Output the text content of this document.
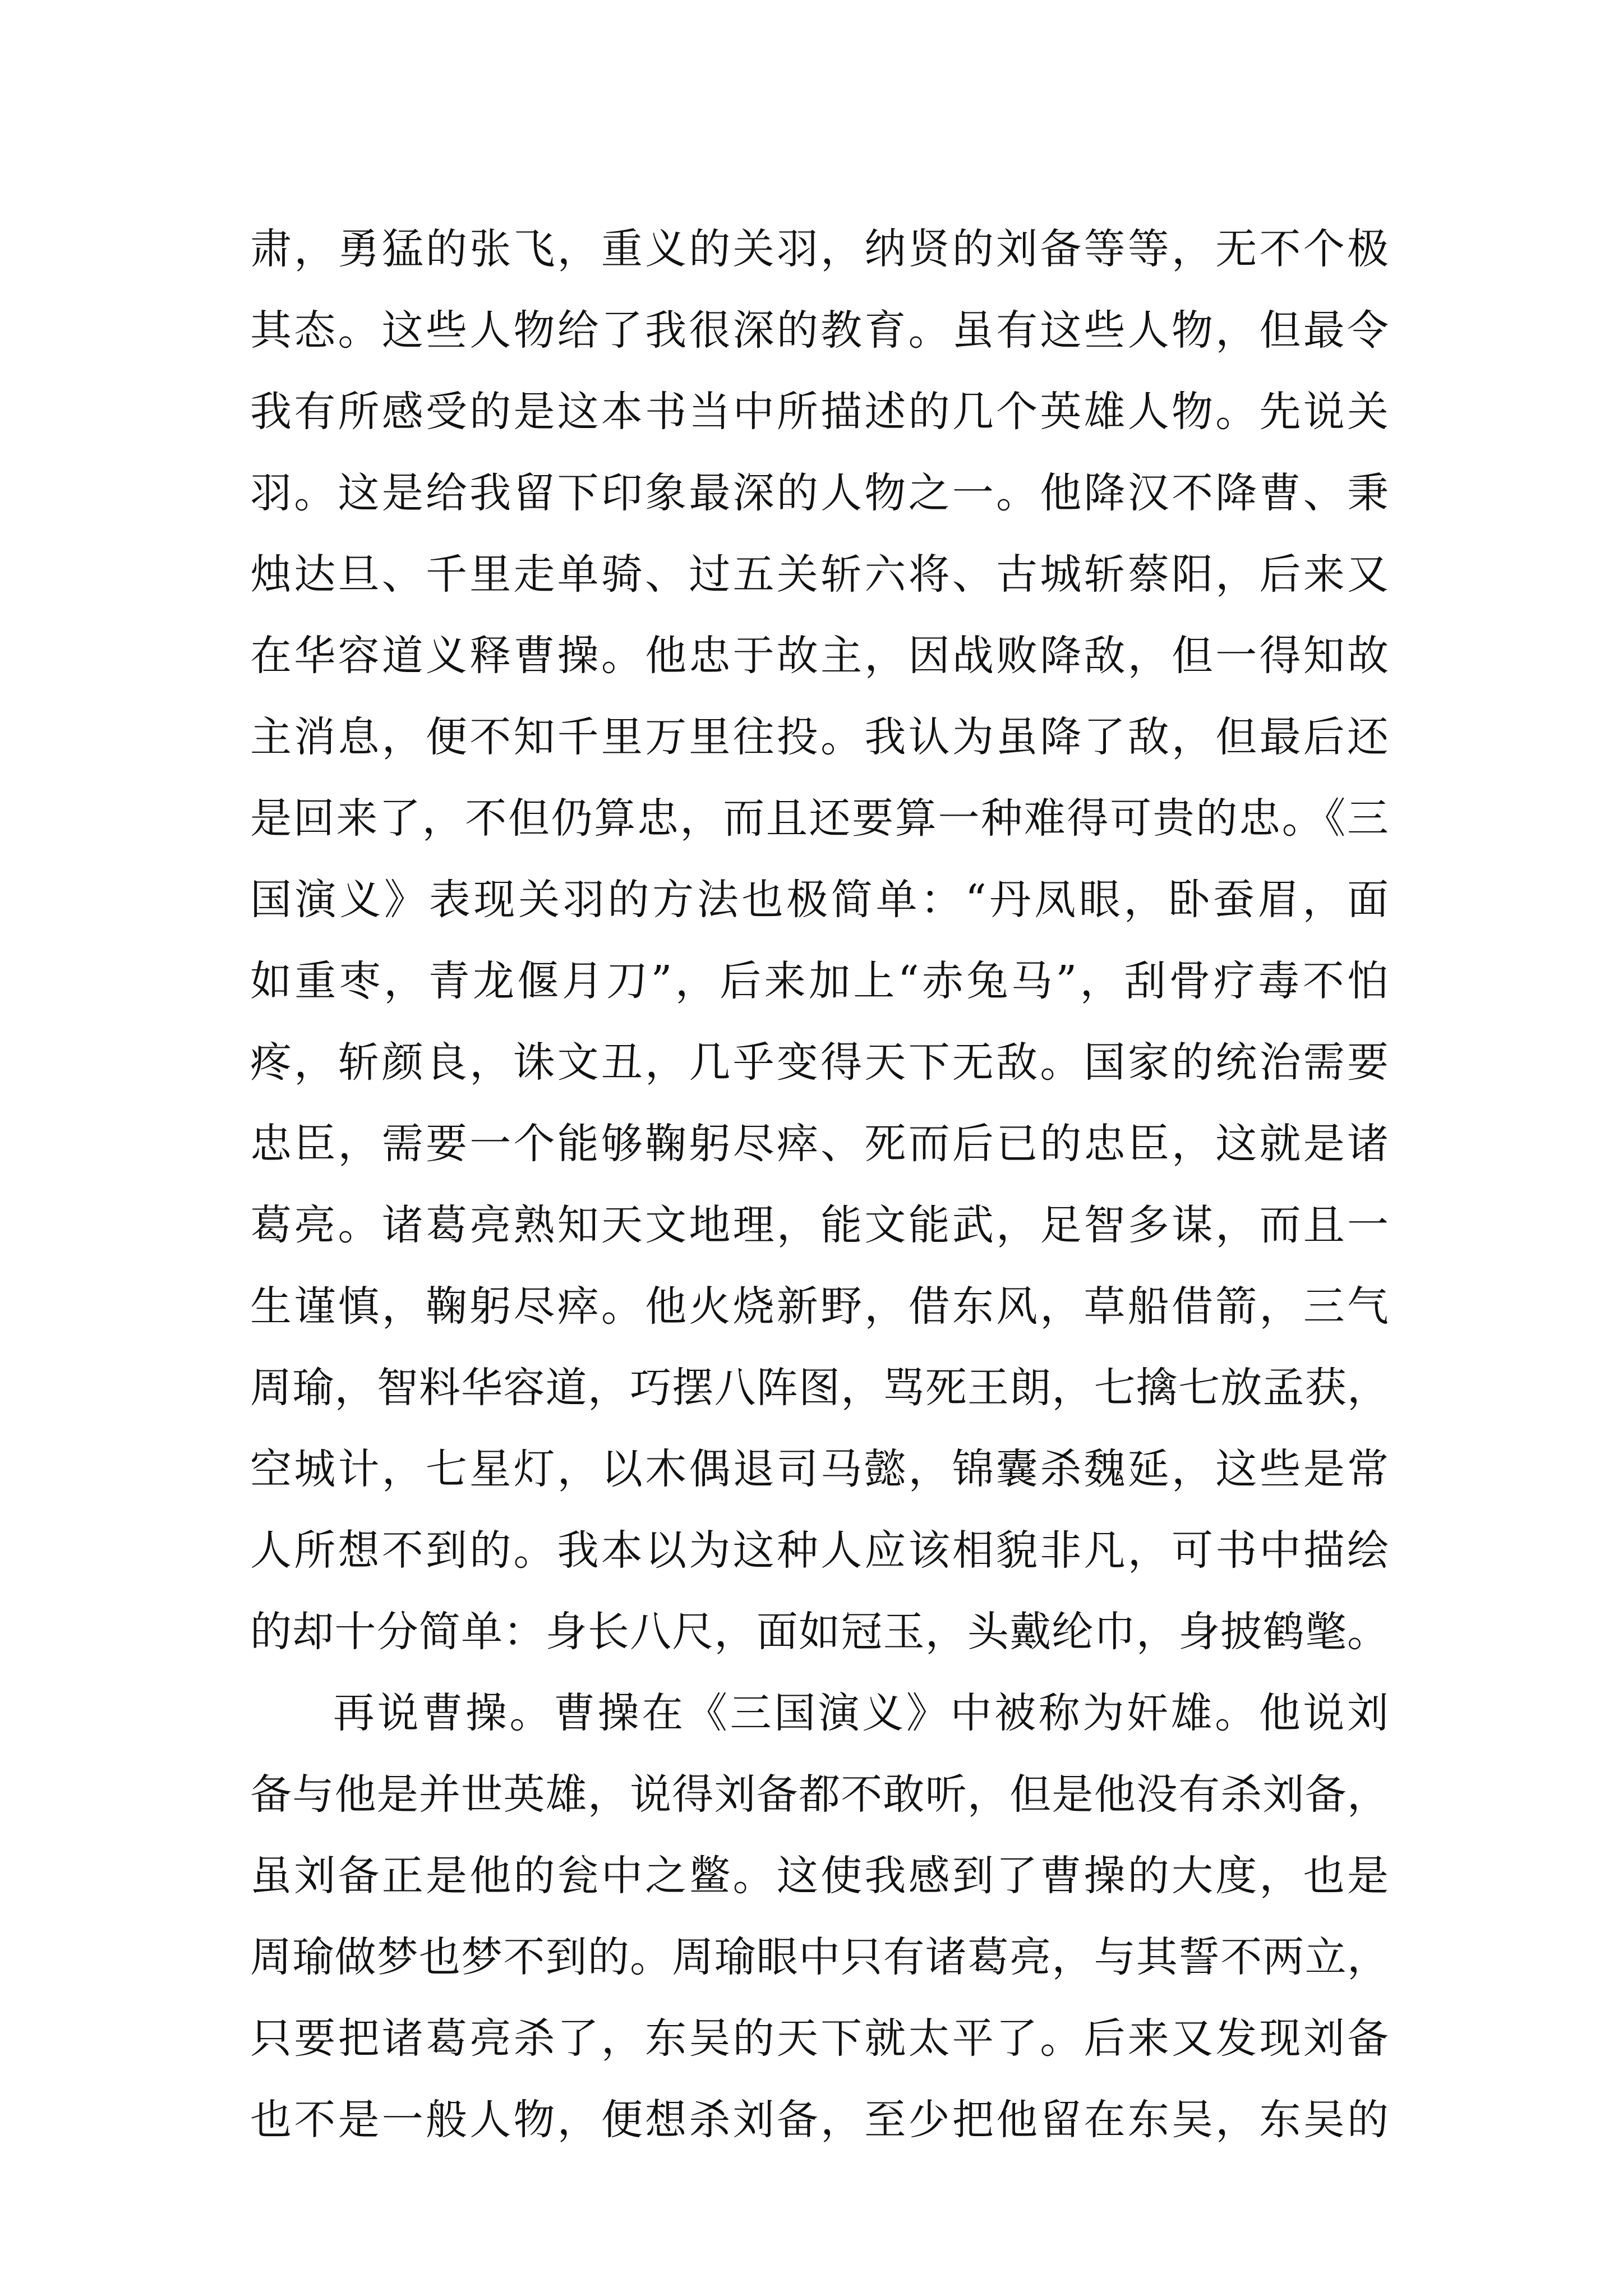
肃，勇猛的张飞，重义的关羽，纳贤的刘备等等，无不个极
其态。这些人物给了我很深的教育。虽有这些人物，但最令
我有所感受的是这本书当中所描述的几个英雄人物。先说关
羽。这是给我留下印象最深的人物之一。他降汉不降曹、秉
烛达旦、千里走单骑、过五关斩六将、古城斩蔡阳，后来又
在华容道义释曹操。他忠于故主，因战败降敌，但一得知故
主消息，便不知千里万里往投。我认为虽降了敌，但最后还
是回来了，不但仍算忠，而且还要算一种难得可贵的忠。《三
国演义》表现关羽的方法也极简单：“丹凤眼，卧蚕眉，面
如重枣，青龙偃月刀”，后来加上“赤兔马”，刮骨疗毒不怕
疼，斩颜良，诛文丑，几乎变得天下无敌。国家的统治需要
忠臣，需要一个能够鞠躬尽瘁、死而后已的忠臣，这就是诸
葛亮。诸葛亮熟知天文地理，能文能武，足智多谋，而且一
生谨慎，鞠躬尽瘁。他火烧新野，借东风，草船借箭，三气
周瑜，智料华容道，巧摆八阵图，骂死王朗，七擒七放孟获，
空城计，七星灯，以木偶退司马懿，锦囊杀魏延，这些是常
人所想不到的。我本以为这种人应该相貌非凡，可书中描绘
的却十分简单：身长八尺，面如冠玉，头戴纶巾，身披鹤氅。
再说曹操。曹操在《三国演义》中被称为奸雄。他说刘
备与他是并世英雄，说得刘备都不敢听，但是他没有杀刘备，
虽刘备正是他的瓮中之鳖。这使我感到了曹操的大度，也是
周瑜做梦也梦不到的。周瑜眼中只有诸葛亮，与其誓不两立，
只要把诸葛亮杀了，东吴的天下就太平了。后来又发现刘备
也不是一般人物，便想杀刘备，至少把他留在东吴，东吴的
